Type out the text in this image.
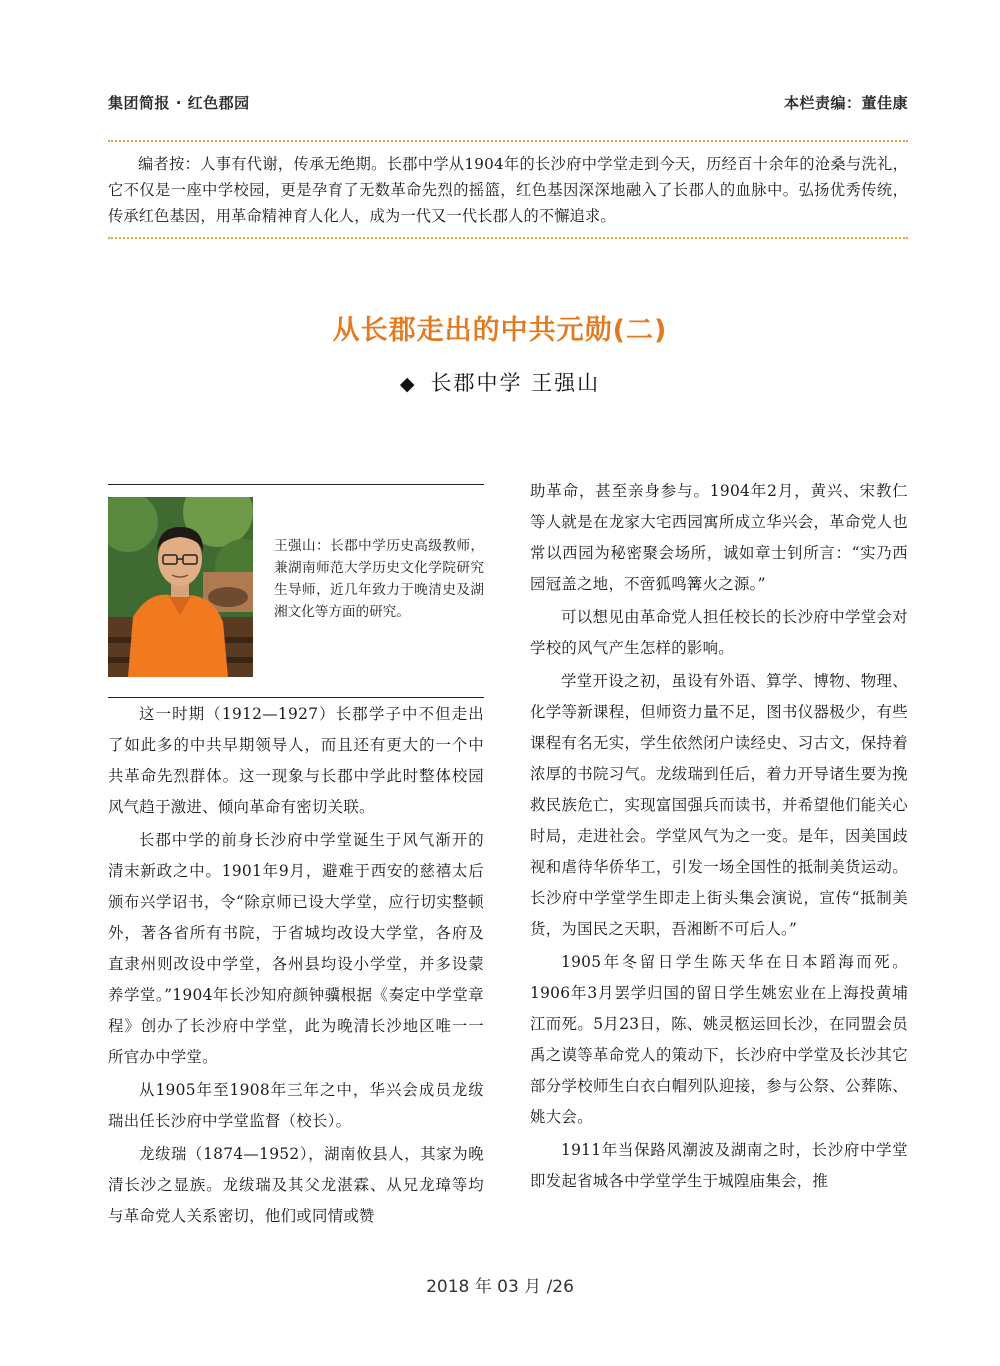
集团简报 · 红色郡园	本栏责编：董佳康
编者按：人事有代谢，传承无绝期。长郡中学从1904年的长沙府中学堂走到今天，历经百十余年的沧桑与洗礼，它不仅是一座中学校园，更是孕育了无数革命先烈的摇篮，红色基因深深地融入了长郡人的血脉中。弘扬优秀传统，传承红色基因，用革命精神育人化人，成为一代又一代长郡人的不懈追求。
从长郡走出的中共元勋(二)
◆ 长郡中学 王强山
王强山：长郡中学历史高级教师，兼湖南师范大学历史文化学院研究生导师，近几年致力于晚清史及湖湘文化等方面的研究。

这一时期（1912—1927）长郡学子中不但走出了如此多的中共早期领导人，而且还有更大的一个中共革命先烈群体。这一现象与长郡中学此时整体校园风气趋于激进、倾向革命有密切关联。

长郡中学的前身长沙府中学堂诞生于风气渐开的清末新政之中。1901年9月，避难于西安的慈禧太后颁布兴学诏书，令“除京师已设大学堂，应行切实整顿外，著各省所有书院，于省城均改设大学堂，各府及直隶州则改设中学堂，各州县均设小学堂，并多设蒙养学堂。”1904年长沙知府颜钟骥根据《奏定中学堂章程》创办了长沙府中学堂，此为晚清长沙地区唯一一所官办中学堂。

从1905年至1908年三年之中，华兴会成员龙绂瑞出任长沙府中学堂监督（校长）。

龙绂瑞（1874—1952），湖南攸县人，其家为晚清长沙之显族。龙绂瑞及其父龙湛霖、从兄龙璋等均与革命党人关系密切，他们或同情或赞

助革命，甚至亲身参与。1904年2月，黄兴、宋教仁等人就是在龙家大宅西园寓所成立华兴会，革命党人也常以西园为秘密聚会场所，诚如章士钊所言：“实乃西园冠盖之地，不啻狐鸣篝火之源。”

可以想见由革命党人担任校长的长沙府中学堂会对学校的风气产生怎样的影响。

学堂开设之初，虽设有外语、算学、博物、物理、化学等新课程，但师资力量不足，图书仪器极少，有些课程有名无实，学生依然闭户读经史、习古文，保持着浓厚的书院习气。龙绂瑞到任后，着力开导诸生要为挽救民族危亡，实现富国强兵而读书，并希望他们能关心时局，走进社会。学堂风气为之一变。是年，因美国歧视和虐待华侨华工，引发一场全国性的抵制美货运动。长沙府中学堂学生即走上街头集会演说，宣传“抵制美货，为国民之天职，吾湘断不可后人。”

1905年冬留日学生陈天华在日本蹈海而死。1906年3月罢学归国的留日学生姚宏业在上海投黄埔江而死。5月23日，陈、姚灵柩运回长沙，在同盟会员禹之谟等革命党人的策动下，长沙府中学堂及长沙其它部分学校师生白衣白帽列队迎接，参与公祭、公葬陈、姚大会。

1911年当保路风潮波及湖南之时，长沙府中学堂即发起省城各中学堂学生于城隍庙集会，推

2018 年 03 月 /26
